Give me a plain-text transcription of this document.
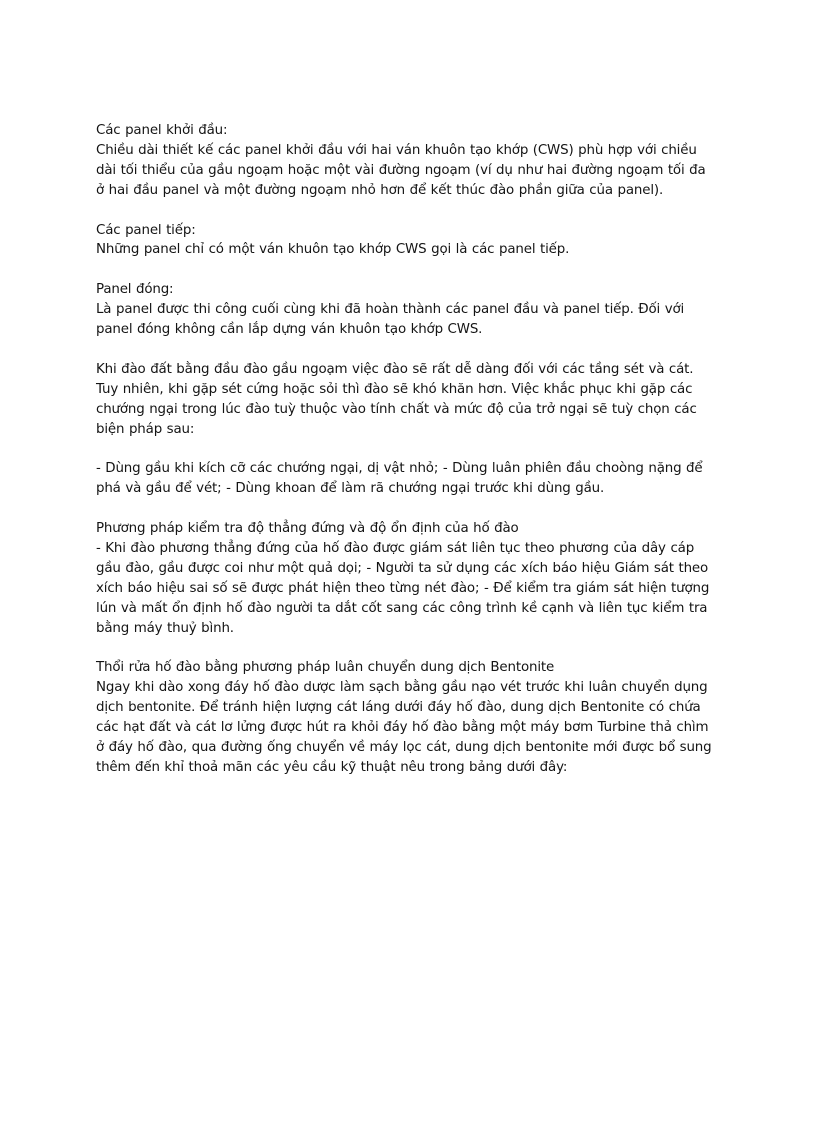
Các panel khởi đầu:
Chiều dài thiết kế các panel khởi đầu với hai ván khuôn tạo khớp (CWS) phù hợp với chiều
dài tối thiểu của gầu ngoạm hoặc một vài đường ngoạm (ví dụ như hai đường ngoạm tối đa
ở hai đầu panel và một đường ngoạm nhỏ hơn để kết thúc đào phần giữa của panel).

Các panel tiếp:
Những panel chỉ có một ván khuôn tạo khớp CWS gọi là các panel tiếp.

Panel đóng:
Là panel được thi công cuối cùng khi đã hoàn thành các panel đầu và panel tiếp. Đối với
panel đóng không cần lắp dựng ván khuôn tạo khớp CWS.

Khi đào đất bằng đầu đào gầu ngoạm việc đào sẽ rất dễ dàng đối với các tầng sét và cát.
Tuy nhiên, khi gặp sét cứng hoặc sỏi thì đào sẽ khó khăn hơn. Việc khắc phục khi gặp các
chướng ngại trong lúc đào tuỳ thuộc vào tính chất và mức độ của trở ngại sẽ tuỳ chọn các
biện pháp sau:

- Dùng gầu khi kích cỡ các chướng ngại, dị vật nhỏ; - Dùng luân phiên đầu choòng nặng để
phá và gầu để vét; - Dùng khoan để làm rã chướng ngại trước khi dùng gầu.

Phương pháp kiểm tra độ thẳng đứng và độ ổn định của hố đào
- Khi đào phương thẳng đứng của hố đào được giám sát liên tục theo phương của dây cáp
gầu đào, gầu được coi như một quả dọi; - Người ta sử dụng các xích báo hiệu Giám sát theo
xích báo hiệu sai số sẽ được phát hiện theo từng nét đào; - Để kiểm tra giám sát hiện tượng
lún và mất ổn định hố đào người ta dắt cốt sang các công trình kề cạnh và liên tục kiểm tra
bằng máy thuỷ bình.

Thổi rửa hố đào bằng phương pháp luân chuyển dung dịch Bentonite
Ngay khi dào xong đáy hố đào dược làm sạch bằng gầu nạo vét trước khi luân chuyển dụng
dịch bentonite. Để tránh hiện lượng cát láng dưới đáy hố đào, dung dịch Bentonite có chứa
các hạt đất và cát lơ lửng được hút ra khỏi đáy hố đào bằng một máy bơm Turbine thả chìm
ở đáy hố đào, qua đường ống chuyển về máy lọc cát, dung dịch bentonite mới được bổ sung
thêm đến khỉ thoả mãn các yêu cầu kỹ thuật nêu trong bảng dưới đây:
